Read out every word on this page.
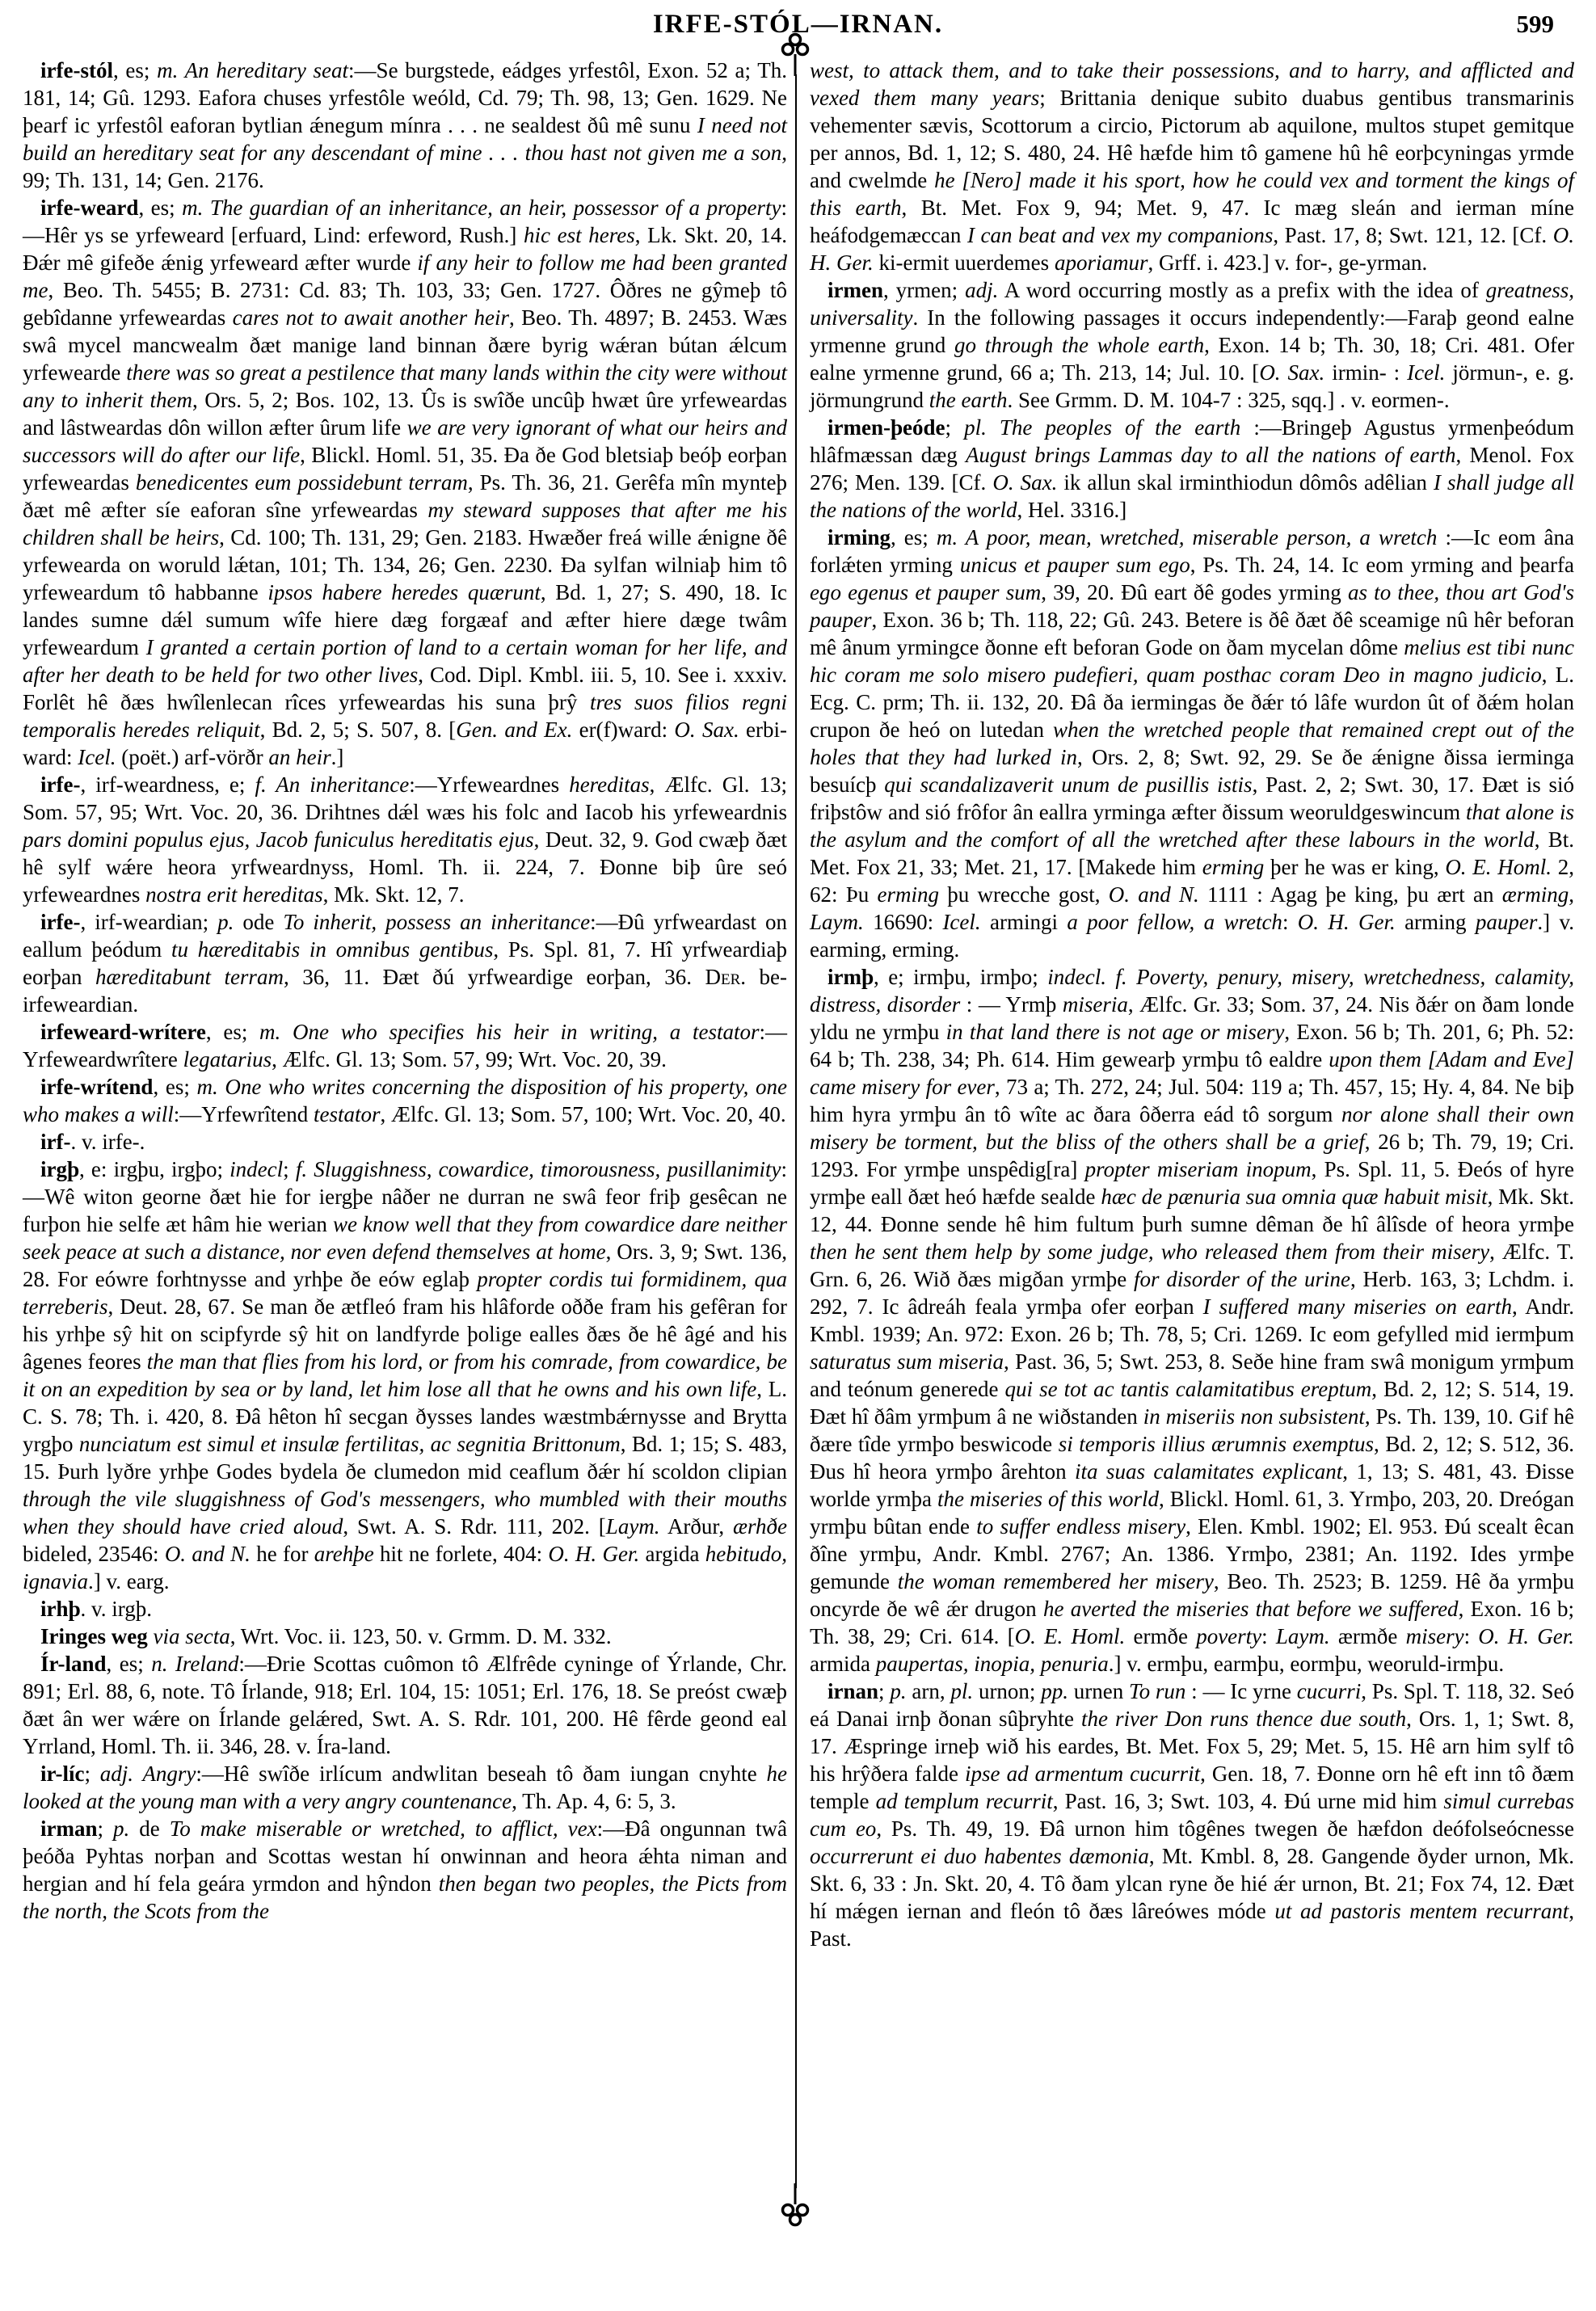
IRFE-STÓL—IRNAN.	599

irfe-stól, es; m. An hereditary seat:—Se burgstede, eádges yrfestôl, Exon. 52 a; Th. 181, 14; Gû. 1293. Eafora chuses yrfestôle weóld, Cd. 79; Th. 98, 13; Gen. 1629. Ne þearf ic yrfestôl eaforan bytlian ǽnegum mínra . . . ne sealdest ðû mê sunu I need not build an hereditary seat for any descendant of mine . . . thou hast not given me a son, 99; Th. 131, 14; Gen. 2176.

irfe-weard, es; m. The guardian of an inheritance, an heir, possessor of a property:—Hêr ys se yrfeweard [erfuard, Lind: erfeword, Rush.] hic est heres, Lk. Skt. 20, 14. Ðǽr mê gifeðe ǽnig yrfeweard æfter wurde if any heir to follow me had been granted me, Beo. Th. 5455; B. 2731: Cd. 83; Th. 103, 33; Gen. 1727. Ôðres ne gŷmeþ tô gebîdanne yrfeweardas cares not to await another heir, Beo. Th. 4897; B. 2453. Wæs swâ mycel mancwealm ðæt manige land binnan ðære byrig wǽran bútan ǽlcum yrfewearde there was so great a pestilence that many lands within the city were without any to inherit them, Ors. 5, 2; Bos. 102, 13. Ûs is swîðe uncûþ hwæt ûre yrfeweardas and lâstweardas dôn willon æfter ûrum life we are very ignorant of what our heirs and successors will do after our life, Blickl. Homl. 51, 35. Ða ðe God bletsiaþ beóþ eorþan yrfeweardas benedicentes eum possidebunt terram, Ps. Th. 36, 21. Gerêfa mîn mynteþ ðæt mê æfter síe eaforan sîne yrfeweardas my steward supposes that after me his children shall be heirs, Cd. 100; Th. 131, 29; Gen. 2183. Hwæðer freá wille ǽnigne ðê yrfewearda on woruld lǽtan, 101; Th. 134, 26; Gen. 2230. Ða sylfan wilniaþ him tô yrfeweardum tô habbanne ipsos habere heredes quærunt, Bd. 1, 27; S. 490, 18. Ic landes sumne dǽl sumum wîfe hiere dæg forgæaf and æfter hiere dæge twâm yrfeweardum I granted a certain portion of land to a certain woman for her life, and after her death to be held for two other lives, Cod. Dipl. Kmbl. iii. 5, 10. See i. xxxiv. Forlêt hê ðæs hwîlenlecan rîces yrfeweardas his suna þrŷ tres suos filios regni temporalis heredes reliquit, Bd. 2, 5; S. 507, 8. [Gen. and Ex. er(f)ward: O. Sax. erbi-ward: Icel. (poët.) arf-vörðr an heir.]

irfe-, irf-weardness, e; f. An inheritance:—Yrfeweardnes hereditas, Ælfc. Gl. 13; Som. 57, 95; Wrt. Voc. 20, 36. Drihtnes dǽl wæs his folc and Iacob his yrfeweardnis pars domini populus ejus, Jacob funiculus hereditatis ejus, Deut. 32, 9. God cwæþ ðæt hê sylf wǽre heora yrfweardnyss, Homl. Th. ii. 224, 7. Ðonne biþ ûre seó yrfeweardnes nostra erit hereditas, Mk. Skt. 12, 7.

irfe-, irf-weardian; p. ode To inherit, possess an inheritance:—Ðû yrfweardast on eallum þeódum tu hæreditabis in omnibus gentibus, Ps. Spl. 81, 7. Hî yrfweardiaþ eorþan hæreditabunt terram, 36, 11. Ðæt ðú yrfweardige eorþan, 36. Der. be-irfeweardian.

irfeweard-wrítere, es; m. One who specifies his heir in writing, a testator:—Yrfeweardwrîtere legatarius, Ælfc. Gl. 13; Som. 57, 99; Wrt. Voc. 20, 39.

irfe-wrítend, es; m. One who writes concerning the disposition of his property, one who makes a will:—Yrfewrîtend testator, Ælfc. Gl. 13; Som. 57, 100; Wrt. Voc. 20, 40.

irf-. v. irfe-.

irgþ, e: irgþu, irgþo; indecl; f. Sluggishness, cowardice, timorousness, pusillanimity:—Wê witon georne ðæt hie for iergþe nâðer ne durran ne swâ feor friþ gesêcan ne furþon hie selfe æt hâm hie werian we know well that they from cowardice dare neither seek peace at such a distance, nor even defend themselves at home, Ors. 3, 9; Swt. 136, 28. For eówre forhtnysse and yrhþe ðe eów eglaþ propter cordis tui formidinem, qua terreberis, Deut. 28, 67. Se man ðe ætfleó fram his hlâforde oððe fram his gefêran for his yrhþe sŷ hit on scipfyrde sŷ hit on landfyrde þolige ealles ðæs ðe hê âgé and his âgenes feores the man that flies from his lord, or from his comrade, from cowardice, be it on an expedition by sea or by land, let him lose all that he owns and his own life, L. C. S. 78; Th. i. 420, 8. Ðâ hêton hî secgan ðysses landes wæstmbǽrnysse and Brytta yrgþo nunciatum est simul et insulæ fertilitas, ac segnitia Brittonum, Bd. 1; 15; S. 483, 15. Þurh lyðre yrhþe Godes bydela ðe clumedon mid ceaflum ðǽr hí scoldon clipian through the vile sluggishness of God's messengers, who mumbled with their mouths when they should have cried aloud, Swt. A. S. Rdr. 111, 202. [Laym. Arður, ærhðe bideled, 23546: O. and N. he for arehþe hit ne forlete, 404: O. H. Ger. argida hebitudo, ignavia.] v. earg.

irhþ. v. irgþ.

Iringes weg via secta, Wrt. Voc. ii. 123, 50. v. Grmm. D. M. 332.

Ír-land, es; n. Ireland:—Ðrie Scottas cuômon tô Ælfrêde cyninge of Ýrlande, Chr. 891; Erl. 88, 6, note. Tô Írlande, 918; Erl. 104, 15: 1051; Erl. 176, 18. Se preóst cwæþ ðæt ân wer wǽre on Írlande gelǽred, Swt. A. S. Rdr. 101, 200. Hê fêrde geond eal Yrrland, Homl. Th. ii. 346, 28. v. Íra-land.

ir-líc; adj. Angry:—Hê swîðe irlícum andwlitan beseah tô ðam iungan cnyhte he looked at the young man with a very angry countenance, Th. Ap. 4, 6: 5, 3.

irman; p. de To make miserable or wretched, to afflict, vex:—Ðâ ongunnan twâ þeóða Pyhtas norþan and Scottas westan hí onwinnan and heora ǽhta niman and hergian and hí fela geára yrmdon and hŷndon then began two peoples, the Picts from the north, the Scots from the

west, to attack them, and to take their possessions, and to harry, and afflicted and vexed them many years; Brittania denique subito duabus gentibus transmarinis vehementer sævis, Scottorum a circio, Pictorum ab aquilone, multos stupet gemitque per annos, Bd. 1, 12; S. 480, 24. Hê hæfde him tô gamene hû hê eorþcyningas yrmde and cwelmde he [Nero] made it his sport, how he could vex and torment the kings of this earth, Bt. Met. Fox 9, 94; Met. 9, 47. Ic mæg sleán and ierman míne heáfodgemæccan I can beat and vex my companions, Past. 17, 8; Swt. 121, 12. [Cf. O. H. Ger. ki-ermit uuerdemes aporiamur, Grff. i. 423.] v. for-, ge-yrman.

irmen, yrmen; adj. A word occurring mostly as a prefix with the idea of greatness, universality. In the following passages it occurs independently:—Faraþ geond ealne yrmenne grund go through the whole earth, Exon. 14 b; Th. 30, 18; Cri. 481. Ofer ealne yrmenne grund, 66 a; Th. 213, 14; Jul. 10. [O. Sax. irmin- : Icel. jörmun-, e. g. jörmungrund the earth. See Grmm. D. M. 104-7 : 325, sqq.] . v. eormen-.

irmen-þeóde; pl. The peoples of the earth :—Bringeþ Agustus yrmenþeódum hlâfmæssan dæg August brings Lammas day to all the nations of earth, Menol. Fox 276; Men. 139. [Cf. O. Sax. ik allun skal irminthiodun dômôs adêlian I shall judge all the nations of the world, Hel. 3316.]

irming, es; m. A poor, mean, wretched, miserable person, a wretch :—Ic eom âna forlǽten yrming unicus et pauper sum ego, Ps. Th. 24, 14. Ic eom yrming and þearfa ego egenus et pauper sum, 39, 20. Ðû eart ðê godes yrming as to thee, thou art God's pauper, Exon. 36 b; Th. 118, 22; Gû. 243. Betere is ðê ðæt ðê sceamige nû hêr beforan mê ânum yrmingce ðonne eft beforan Gode on ðam mycelan dôme melius est tibi nunc hic coram me solo misero pudefieri, quam posthac coram Deo in magno judicio, L. Ecg. C. prm; Th. ii. 132, 20. Ðâ ða iermingas ðe ðǽr tó lâfe wurdon ût of ðǽm holan crupon ðe heó on lutedan when the wretched people that remained crept out of the holes that they had lurked in, Ors. 2, 8; Swt. 92, 29. Se ðe ǽnigne ðissa ierminga besuícþ qui scandalizaverit unum de pusillis istis, Past. 2, 2; Swt. 30, 17. Ðæt is sió friþstôw and sió frôfor ân eallra yrminga æfter ðissum weoruldgeswincum that alone is the asylum and the comfort of all the wretched after these labours in the world, Bt. Met. Fox 21, 33; Met. 21, 17. [Makede him erming þer he was er king, O. E. Homl. 2, 62: Þu erming þu wrecche gost, O. and N. 1111 : Agag þe king, þu ært an ærming, Laym. 16690: Icel. armingi a poor fellow, a wretch: O. H. Ger. arming pauper.] v. earming, erming.

irmþ, e; irmþu, irmþo; indecl. f. Poverty, penury, misery, wretchedness, calamity, distress, disorder : — Yrmþ miseria, Ælfc. Gr. 33; Som. 37, 24. Nis ðǽr on ðam londe yldu ne yrmþu in that land there is not age or misery, Exon. 56 b; Th. 201, 6; Ph. 52: 64 b; Th. 238, 34; Ph. 614. Him gewearþ yrmþu tô ealdre upon them [Adam and Eve] came misery for ever, 73 a; Th. 272, 24; Jul. 504: 119 a; Th. 457, 15; Hy. 4, 84. Ne biþ him hyra yrmþu ân tô wîte ac ðara ôðerra eád tô sorgum nor alone shall their own misery be torment, but the bliss of the others shall be a grief, 26 b; Th. 79, 19; Cri. 1293. For yrmþe unspêdig[ra] propter miseriam inopum, Ps. Spl. 11, 5. Ðeós of hyre yrmþe eall ðæt heó hæfde sealde hæc de pænuria sua omnia quæ habuit misit, Mk. Skt. 12, 44. Ðonne sende hê him fultum þurh sumne dêman ðe hî âlîsde of heora yrmþe then he sent them help by some judge, who released them from their misery, Ælfc. T. Grn. 6, 26. Wið ðæs migðan yrmþe for disorder of the urine, Herb. 163, 3; Lchdm. i. 292, 7. Ic âdreáh feala yrmþa ofer eorþan I suffered many miseries on earth, Andr. Kmbl. 1939; An. 972: Exon. 26 b; Th. 78, 5; Cri. 1269. Ic eom gefylled mid iermþum saturatus sum miseria, Past. 36, 5; Swt. 253, 8. Seðe hine fram swâ monigum yrmþum and teónum generede qui se tot ac tantis calamitatibus ereptum, Bd. 2, 12; S. 514, 19. Ðæt hî ðâm yrmþum â ne wiðstanden in miseriis non subsistent, Ps. Th. 139, 10. Gif hê ðære tîde yrmþo beswicode si temporis illius ærumnis exemptus, Bd. 2, 12; S. 512, 36. Ðus hî heora yrmþo ârehton ita suas calamitates explicant, 1, 13; S. 481, 43. Ðisse worlde yrmþa the miseries of this world, Blickl. Homl. 61, 3. Yrmþo, 203, 20. Dreógan yrmþu bûtan ende to suffer endless misery, Elen. Kmbl. 1902; El. 953. Ðú scealt êcan ðîne yrmþu, Andr. Kmbl. 2767; An. 1386. Yrmþo, 2381; An. 1192. Ides yrmþe gemunde the woman remembered her misery, Beo. Th. 2523; B. 1259. Hê ða yrmþu oncyrde ðe wê ǽr drugon he averted the miseries that before we suffered, Exon. 16 b; Th. 38, 29; Cri. 614. [O. E. Homl. ermðe poverty: Laym. ærmðe misery: O. H. Ger. armida paupertas, inopia, penuria.] v. ermþu, earmþu, eormþu, weoruld-irmþu.

irnan; p. arn, pl. urnon; pp. urnen To run : — Ic yrne cucurri, Ps. Spl. T. 118, 32. Seó eá Danai irnþ ðonan sûþryhte the river Don runs thence due south, Ors. 1, 1; Swt. 8, 17. Æspringe irneþ wið his eardes, Bt. Met. Fox 5, 29; Met. 5, 15. Hê arn him sylf tô his hrŷðera falde ipse ad armentum cucurrit, Gen. 18, 7. Ðonne orn hê eft inn tô ðæm temple ad templum recurrit, Past. 16, 3; Swt. 103, 4. Ðú urne mid him simul currebas cum eo, Ps. Th. 49, 19. Ðâ urnon him tôgênes twegen ðe hæfdon deófolseócnesse occurrerunt ei duo habentes dæmonia, Mt. Kmbl. 8, 28. Gangende ðyder urnon, Mk. Skt. 6, 33 : Jn. Skt. 20, 4. Tô ðam ylcan ryne ðe hié ǽr urnon, Bt. 21; Fox 74, 12. Ðæt hí mǽgen iernan and fleón tô ðæs lâreówes móde ut ad pastoris mentem recurrant, Past.
